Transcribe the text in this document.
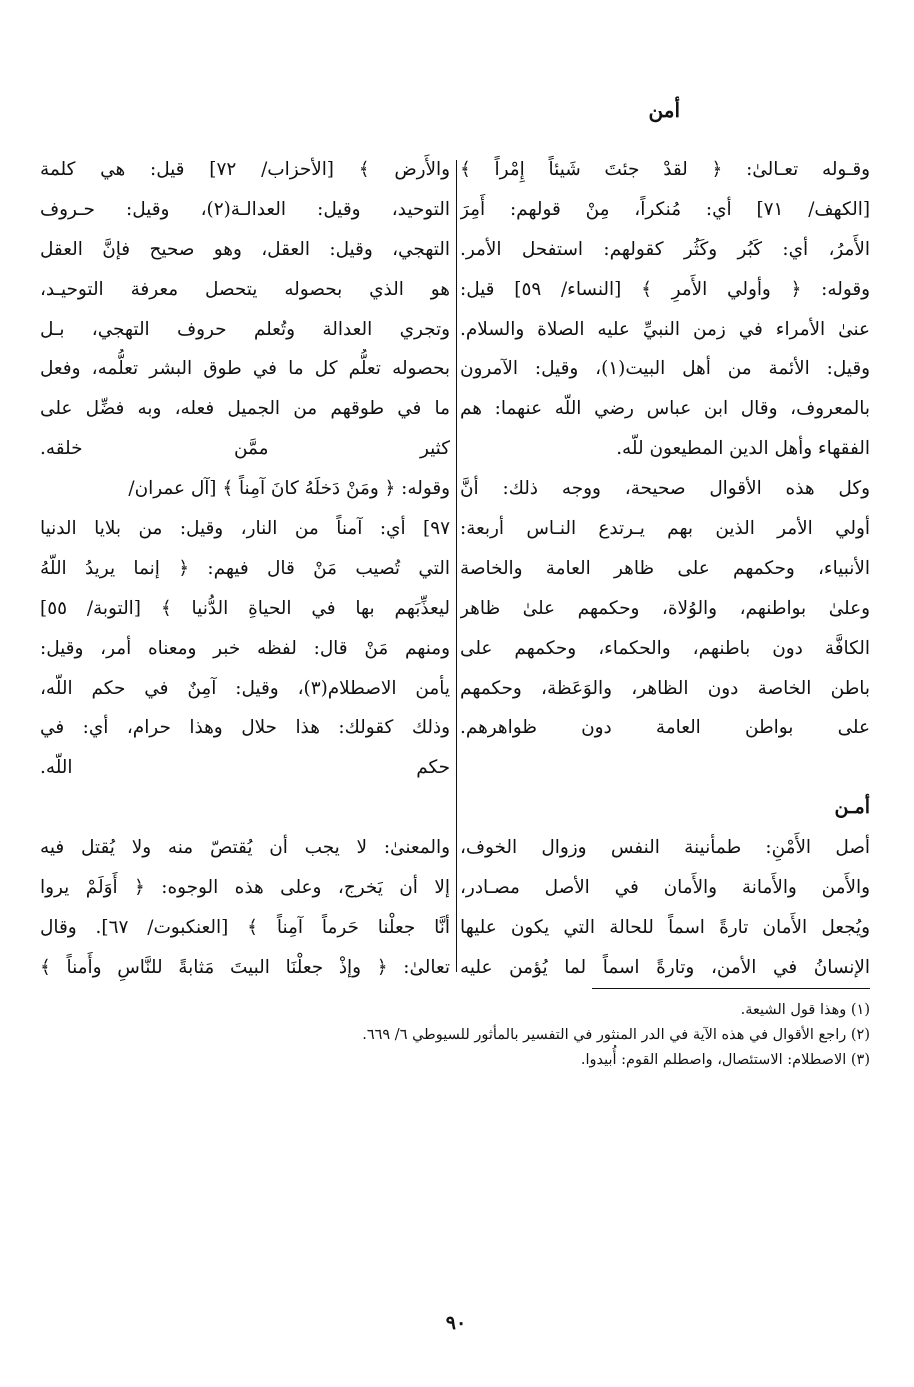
أمن
وقـوله تعـالىٰ: ﴿ لقدْ جئتَ شَيئاً إِمْراً ﴾
[الكهف/ ٧١] أي: مُنكراً، مِنْ قولهم: أَمِرَ
الأَمرُ، أي: كَبُر وكَثُر كقولهم: استفحل الأمر.
وقوله: ﴿ وأولي الأَمرِ ﴾ [النساء/ ٥٩] قيل:
عنىٰ الأمراء في زمن النبيِّ عليه الصلاة والسلام.
وقيل: الأئمة من أهل البيت(١)، وقيل: الآمرون
بالمعروف، وقال ابن عباس رضي اللّه عنهما: هم
الفقهاء وأهل الدين المطيعون للّه.
وكل هذه الأقوال صحيحة، ووجه ذلك: أنَّ
أولي الأمر الذين بهم يـرتدع النـاس أربعة:
الأنبياء، وحكمهم على ظاهر العامة والخاصة
وعلىٰ بواطنهم، والوُلاة، وحكمهم علىٰ ظاهر
الكافَّة دون باطنهم، والحكماء، وحكمهم على
باطن الخاصة دون الظاهر، والوَعَظة، وحكمهم
على بواطن العامة دون ظواهرهم.
أمـن
أصل الأَمْنِ: طمأنينة النفس وزوال الخوف،
والأَمن والأَمانة والأَمان في الأصل مصـادر،
ويُجعل الأَمان تارةً اسماً للحالة التي يكون عليها
الإنسانُ في الأمن، وتارةً اسماً لما يُؤمن عليه
والأَرض ﴾ [الأحزاب/ ٧٢] قيل: هي كلمة
التوحيد، وقيل: العدالـة(٢)، وقيل: حـروف
التهجي، وقيل: العقل، وهو صحيح فإنَّ العقل
هو الذي بحصوله يتحصل معرفة التوحيـد،
وتجري العدالة وتُعلم حروف التهجي، بـل
بحصوله تعلُّم كل ما في طوق البشر تعلُّمه، وفعل
ما في طوقهم من الجميل فعله، وبه فضِّل على
كثير ممَّن خلقه.
وقوله: ﴿ ومَنْ دَخلَهُ كانَ آمِناً ﴾ [آل عمران/
٩٧] أي: آمناً من النار، وقيل: من بلايا الدنيا
التي تُصيب مَنْ قال فيهم: ﴿ إنما يريدُ اللّهُ
ليعذِّبَهم بها في الحياةِ الدُّنيا ﴾ [التوبة/ ٥٥]
ومنهم مَنْ قال: لفظه خبر ومعناه أمر، وقيل:
يأمن الاصطلام(٣)، وقيل: آمِنٌ في حكم اللّه،
وذلك كقولك: هذا حلال وهذا حرام، أي: في
حكم اللّه.
والمعنىٰ: لا يجب أن يُقتصّ منه ولا يُقتل فيه
إلا أن يَخرج، وعلى هذه الوجوه: ﴿ أَوَلَمْ يروا
أنَّا جعلْنا حَرماً آمِناً ﴾ [العنكبوت/ ٦٧]. وقال
تعالىٰ: ﴿ وإذْ جعلْنَا البيتَ مَثابةً للنَّاسِ وأَمناً ﴾
(١) وهذا قول الشيعة.
(٢) راجع الأقوال في هذه الآية في الدر المنثور في التفسير بالمأثور للسيوطي ٦/ ٦٦٩.
(٣) الاصطلام: الاستئصال، واصطلم القوم: أُبيدوا.
٩٠
